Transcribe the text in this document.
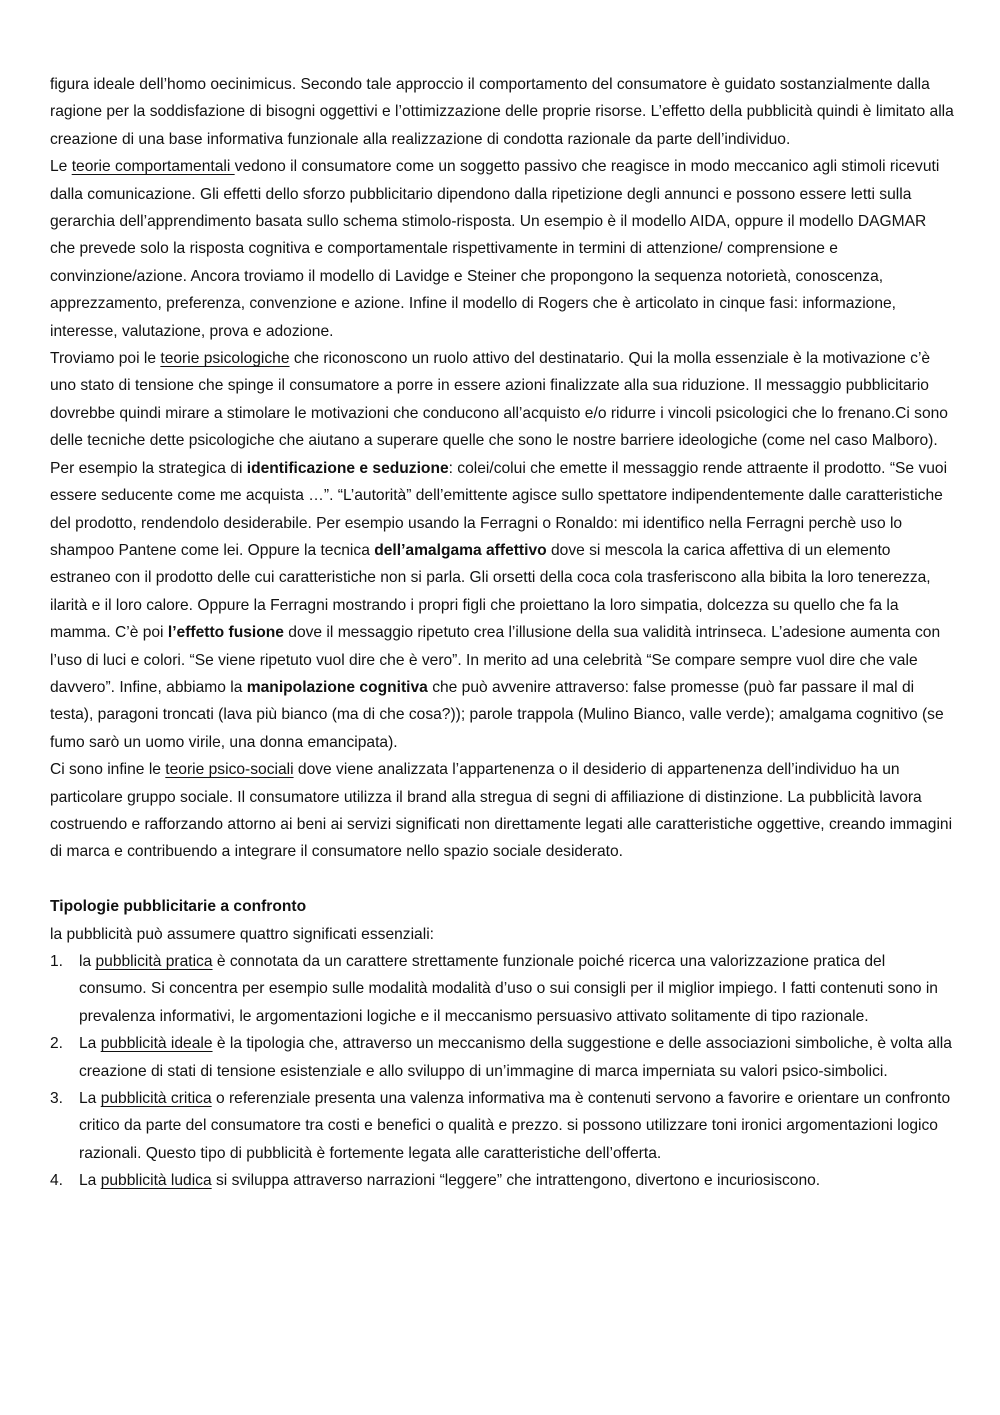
figura ideale dell’homo oecinimicus. Secondo tale approccio il comportamento del consumatore è guidato sostanzialmente dalla ragione per la soddisfazione di bisogni oggettivi e l’ottimizzazione delle proprie risorse. L’effetto della pubblicità quindi è limitato alla creazione di una base informativa funzionale alla realizzazione di condotta razionale da parte dell’individuo.

Le teorie comportamentali vedono il consumatore come un soggetto passivo che reagisce in modo meccanico agli stimoli ricevuti dalla comunicazione. Gli effetti dello sforzo pubblicitario dipendono dalla ripetizione degli annunci e possono essere letti sulla gerarchia dell’apprendimento basata sullo schema stimolo-risposta. Un esempio è il modello AIDA, oppure il modello DAGMAR che prevede solo la risposta cognitiva e comportamentale rispettivamente in termini di attenzione/ comprensione e convinzione/azione. Ancora troviamo il modello di Lavidge e Steiner che propongono la sequenza notorietà, conoscenza, apprezzamento, preferenza, convenzione e azione. Infine il modello di Rogers che è articolato in cinque fasi: informazione, interesse, valutazione, prova e adozione.

Troviamo poi le teorie psicologiche che riconoscono un ruolo attivo del destinatario. Qui la molla essenziale è la motivazione c’è uno stato di tensione che spinge il consumatore a porre in essere azioni finalizzate alla sua riduzione. Il messaggio pubblicitario dovrebbe quindi mirare a stimolare le motivazioni che conducono all’acquisto e/o ridurre i vincoli psicologici che lo frenano.Ci sono delle tecniche dette psicologiche che aiutano a superare quelle che sono le nostre barriere ideologiche (come nel caso Malboro). Per esempio la strategica di identificazione e seduzione: colei/colui che emette il messaggio rende attraente il prodotto. “Se vuoi essere seducente come me acquista …”. “L’autorità” dell’emittente agisce sullo spettatore indipendentemente dalle caratteristiche del prodotto, rendendolo desiderabile. Per esempio usando la Ferragni o Ronaldo: mi identifico nella Ferragni perchè uso lo shampoo Pantene come lei. Oppure la tecnica dell’amalgama affettivo dove si mescola la carica affettiva di un elemento estraneo con il prodotto delle cui caratteristiche non si parla. Gli orsetti della coca cola trasferiscono alla bibita la loro tenerezza, ilarità e il loro calore. Oppure la Ferragni mostrando i propri figli che proiettano la loro simpatia, dolcezza su quello che fa la mamma. C’è poi l’effetto fusione dove il messaggio ripetuto crea l’illusione della sua validità intrinseca. L’adesione aumenta con l’uso di luci e colori. “Se viene ripetuto vuol dire che è vero”. In merito ad una celebrità “Se compare sempre vuol dire che vale davvero”. Infine, abbiamo la manipolazione cognitiva che può avvenire attraverso: false promesse (può far passare il mal di testa), paragoni troncati (lava più bianco (ma di che cosa?)); parole trappola (Mulino Bianco, valle verde); amalgama cognitivo (se fumo sarò un uomo virile, una donna emancipata).

Ci sono infine le teorie psico-sociali dove viene analizzata l’appartenenza o il desiderio di appartenenza dell’individuo ha un particolare gruppo sociale. Il consumatore utilizza il brand alla stregua di segni di affiliazione di distinzione. La pubblicità lavora costruendo e rafforzando attorno ai beni ai servizi significati non direttamente legati alle caratteristiche oggettive, creando immagini di marca e contribuendo a integrare il consumatore nello spazio sociale desiderato.

Tipologie pubblicitarie a confronto

la pubblicità può assumere quattro significati essenziali:

1. la pubblicità pratica è connotata da un carattere strettamente funzionale poiché ricerca una valorizzazione pratica del consumo. Si concentra per esempio sulle modalità modalità d’uso o sui consigli per il miglior impiego. I fatti contenuti sono in prevalenza informativi, le argomentazioni logiche e il meccanismo persuasivo attivato solitamente di tipo razionale.
2. La pubblicità ideale è la tipologia che, attraverso un meccanismo della suggestione e delle associazioni simboliche, è volta alla creazione di stati di tensione esistenziale e allo sviluppo di un’immagine di marca imperniata su valori psico-simbolici.
3. La pubblicità critica o referenziale presenta una valenza informativa ma è contenuti servono a favorire e orientare un confronto critico da parte del consumatore tra costi e benefici o qualità e prezzo. si possono utilizzare toni ironici argomentazioni logico razionali. Questo tipo di pubblicità è fortemente legata alle caratteristiche dell’offerta.
4. La pubblicità ludica si sviluppa attraverso narrazioni “leggere” che intrattengono, divertono e incuriosiscono.
